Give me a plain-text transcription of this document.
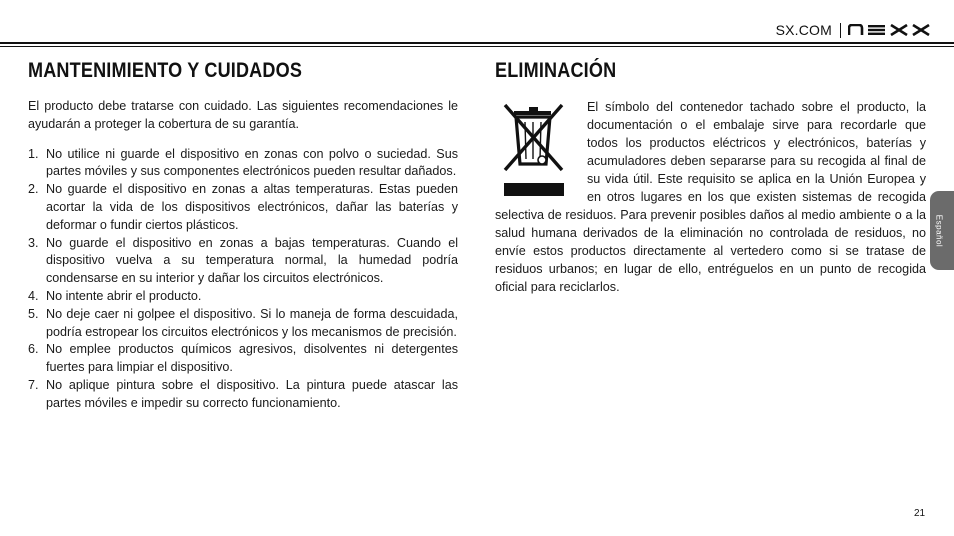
SX.COM
MANTENIMIENTO Y CUIDADOS

El producto debe tratarse con cuidado. Las siguientes recomendaciones le ayudarán a proteger la cobertura de su garantía.

1. No utilice ni guarde el dispositivo en zonas con polvo o suciedad. Sus partes móviles y sus componentes electrónicos pueden resultar dañados.
2. No guarde el dispositivo en zonas a altas temperaturas. Estas pueden acortar la vida de los dispositivos electrónicos, dañar las baterías y deformar o fundir ciertos plásticos.
3. No guarde el dispositivo en zonas a bajas temperaturas. Cuando el dispositivo vuelva a su temperatura normal, la humedad podría condensarse en su interior y dañar los circuitos electrónicos.
4. No intente abrir el producto.
5. No deje caer ni golpee el dispositivo. Si lo maneja de forma descuidada, podría estropear los circuitos electrónicos y los mecanismos de precisión.
6. No emplee productos químicos agresivos, disolventes ni detergentes fuertes para limpiar el dispositivo.
7. No aplique pintura sobre el dispositivo. La pintura puede atascar las partes móviles e impedir su correcto funcionamiento.
ELIMINACIÓN
El símbolo del contenedor tachado sobre el producto, la documentación o el embalaje sirve para recordarle que todos los productos eléctricos y electrónicos, baterías y acumuladores deben separarse para su recogida al final de su vida útil. Este requisito se aplica en la Unión Europea y en otros lugares en los que existen sistemas de recogida selectiva de residuos. Para prevenir posibles daños al medio ambiente o a la salud humana derivados de la eliminación no controlada de residuos, no envíe estos productos directamente al vertedero como si se tratase de residuos urbanos; en lugar de ello, entréguelos en un punto de recogida oficial para reciclarlos.
Español
21
